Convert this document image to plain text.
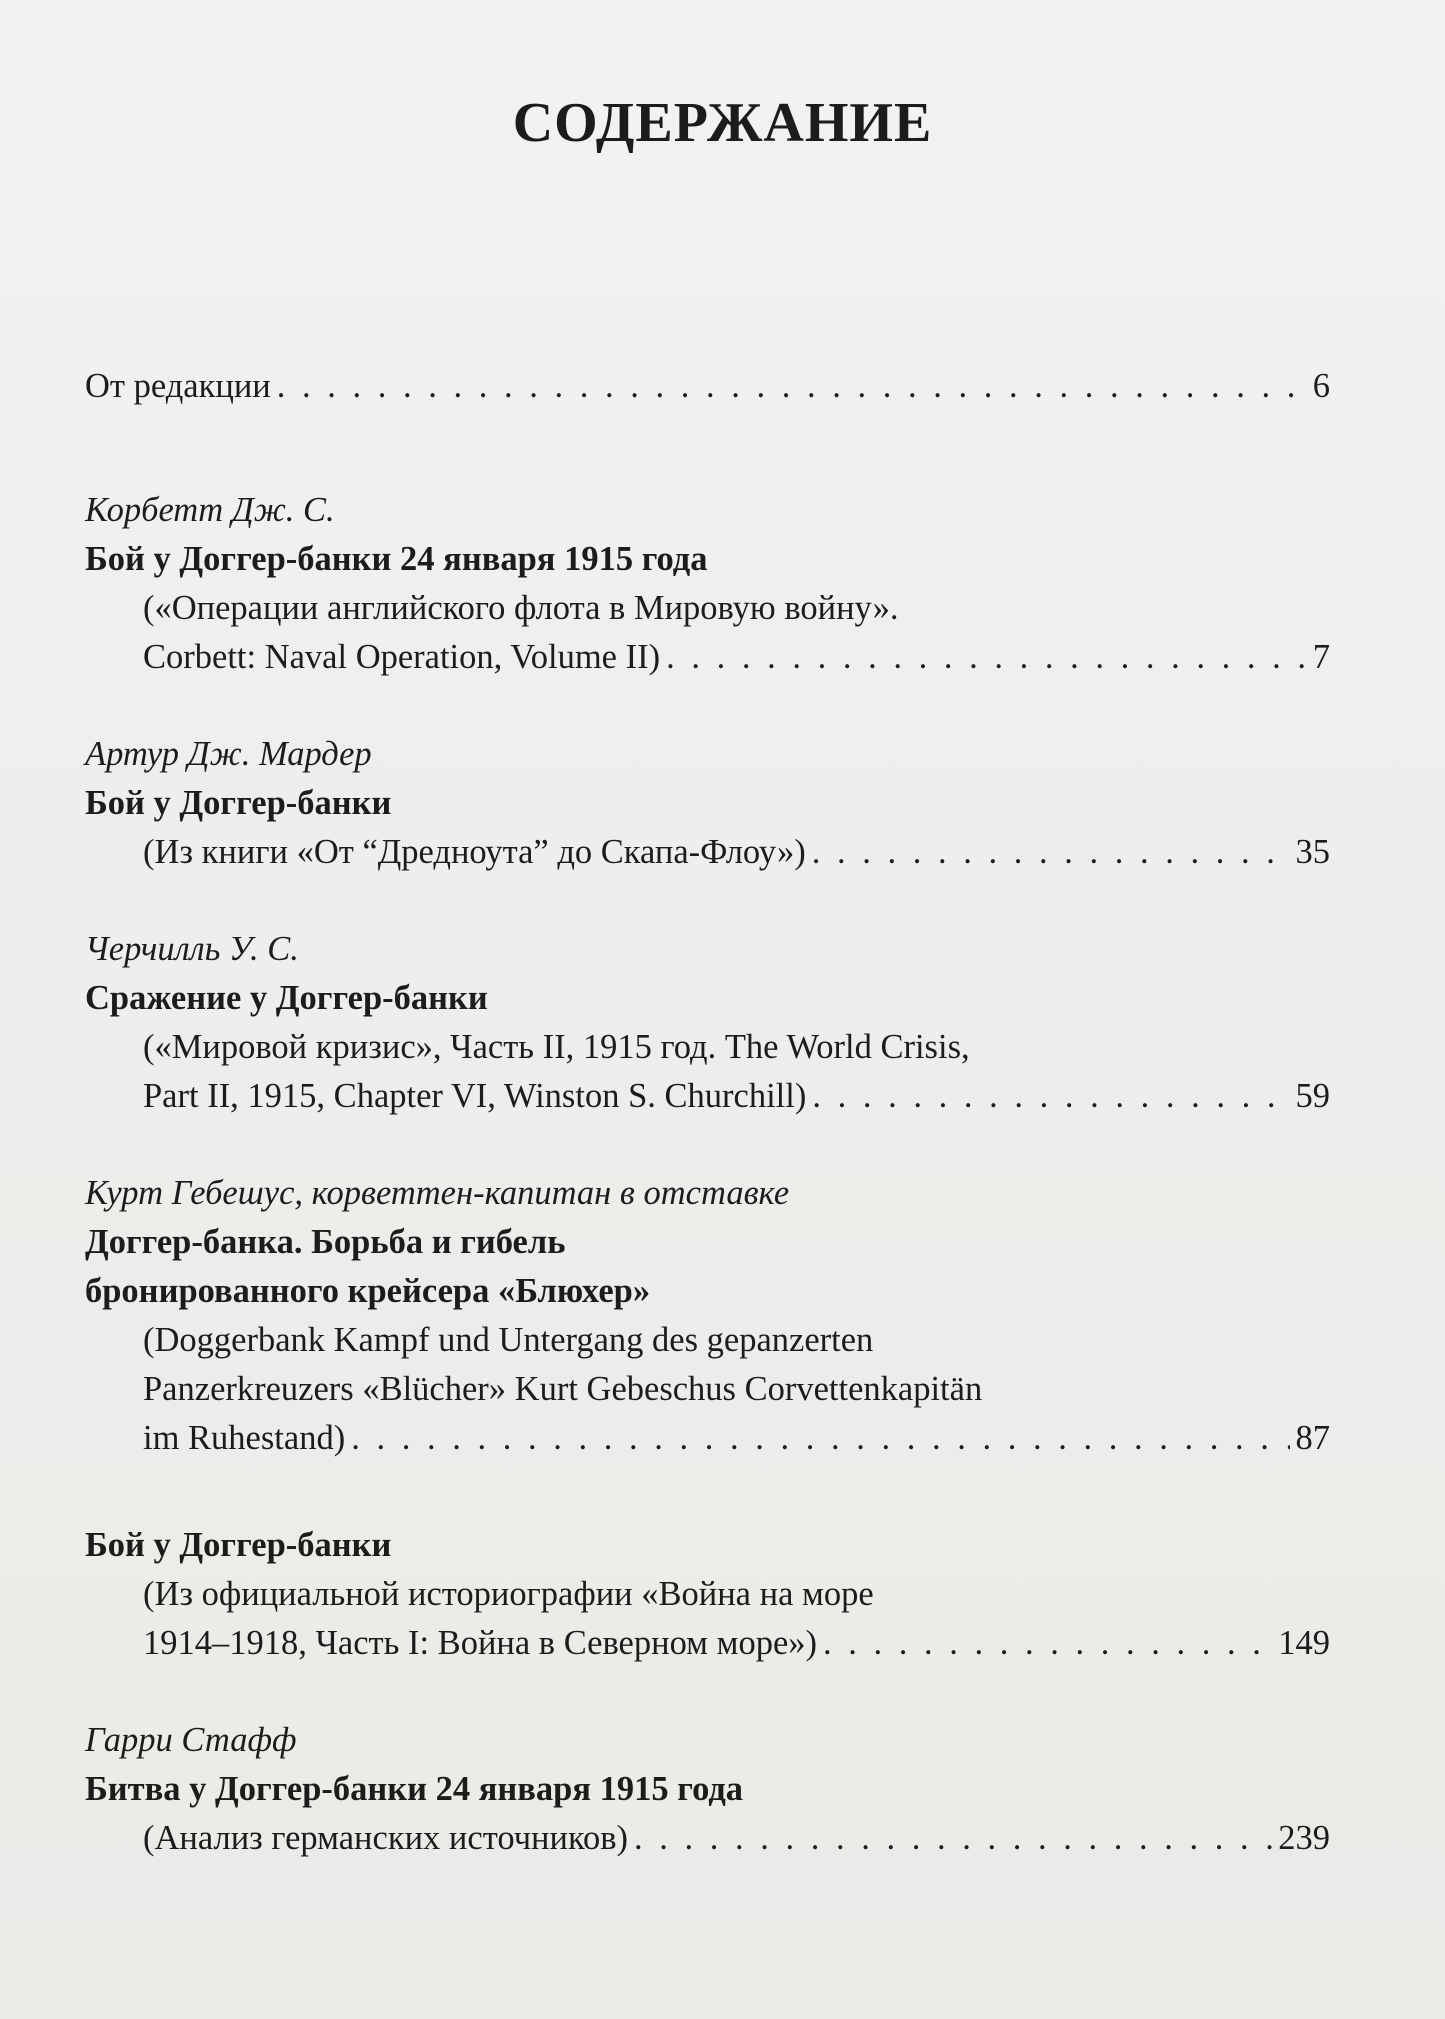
СОДЕРЖАНИЕ
От редакции . . .	6
Корбетт Дж. С.
Бой у Доггер-банки 24 января 1915 года
(«Операции английского флота в Мировую войну».
Corbett: Naval Operation, Volume II) . . .	7
Артур Дж. Мардер
Бой у Доггер-банки
(Из книги «От “Дредноута” до Скапа-Флоу») . . .	35
Черчилль У. С.
Сражение у Доггер-банки
(«Мировой кризис», Часть II, 1915 год. The World Crisis,
Part II, 1915, Chapter VI, Winston S. Churchill) . . .	59
Курт Гебешус, корветтен-капитан в отставке
Доггер-банка. Борьба и гибель
бронированного крейсера «Блюхер»
(Doggerbank Kampf und Untergang des gepanzerten
Panzerkreuzers «Blücher» Kurt Gebeschus Corvettenkapitän
im Ruhestand) . . .	87
Бой у Доггер-банки
(Из официальной историографии «Война на море
1914–1918, Часть I: Война в Северном море») . . .	149
Гарри Стафф
Битва у Доггер-банки 24 января 1915 года
(Анализ германских источников) . . .	239
